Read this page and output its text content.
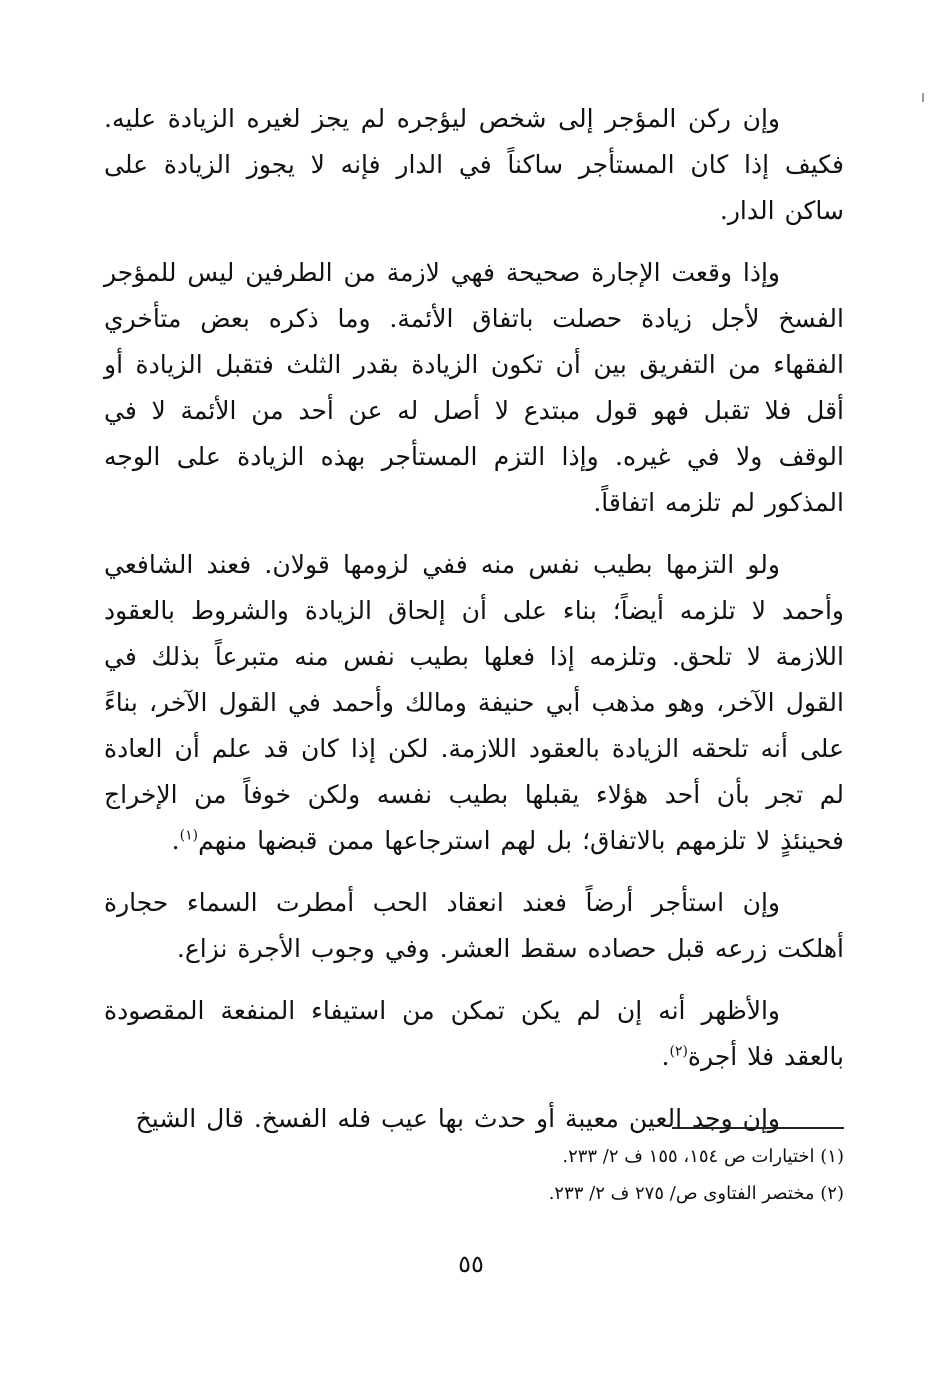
وإن ركن المؤجر إلى شخص ليؤجره لم يجز لغيره الزيادة عليه. فكيف إذا كان المستأجر ساكناً في الدار فإنه لا يجوز الزيادة على ساكن الدار.

وإذا وقعت الإجارة صحيحة فهي لازمة من الطرفين ليس للمؤجر الفسخ لأجل زيادة حصلت باتفاق الأئمة. وما ذكره بعض متأخري الفقهاء من التفريق بين أن تكون الزيادة بقدر الثلث فتقبل الزيادة أو أقل فلا تقبل فهو قول مبتدع لا أصل له عن أحد من الأئمة لا في الوقف ولا في غيره. وإذا التزم المستأجر بهذه الزيادة على الوجه المذكور لم تلزمه اتفاقاً.

ولو التزمها بطيب نفس منه ففي لزومها قولان. فعند الشافعي وأحمد لا تلزمه أيضاً؛ بناء على أن إلحاق الزيادة والشروط بالعقود اللازمة لا تلحق. وتلزمه إذا فعلها بطيب نفس منه متبرعاً بذلك في القول الآخر، وهو مذهب أبي حنيفة ومالك وأحمد في القول الآخر، بناءً على أنه تلحقه الزيادة بالعقود اللازمة. لكن إذا كان قد علم أن العادة لم تجر بأن أحد هؤلاء يقبلها بطيب نفسه ولكن خوفاً من الإخراج فحينئذٍ لا تلزمهم بالاتفاق؛ بل لهم استرجاعها ممن قبضها منهم$^{(١)}$.

وإن استأجر أرضاً فعند انعقاد الحب أمطرت السماء حجارة أهلكت زرعه قبل حصاده سقط العشر. وفي وجوب الأجرة نزاع.

والأظهر أنه إن لم يكن تمكن من استيفاء المنفعة المقصودة بالعقد فلا أجرة$^{(٢)}$.

وإن وجد العين معيبة أو حدث بها عيب فله الفسخ. قال الشيخ

(١) اختيارات ص ١٥٤، ١٥٥ ف ٢/ ٢٣٣.

(٢) مختصر الفتاوى ص/ ٢٧٥ ف ٢/ ٢٣٣.

٥٥
